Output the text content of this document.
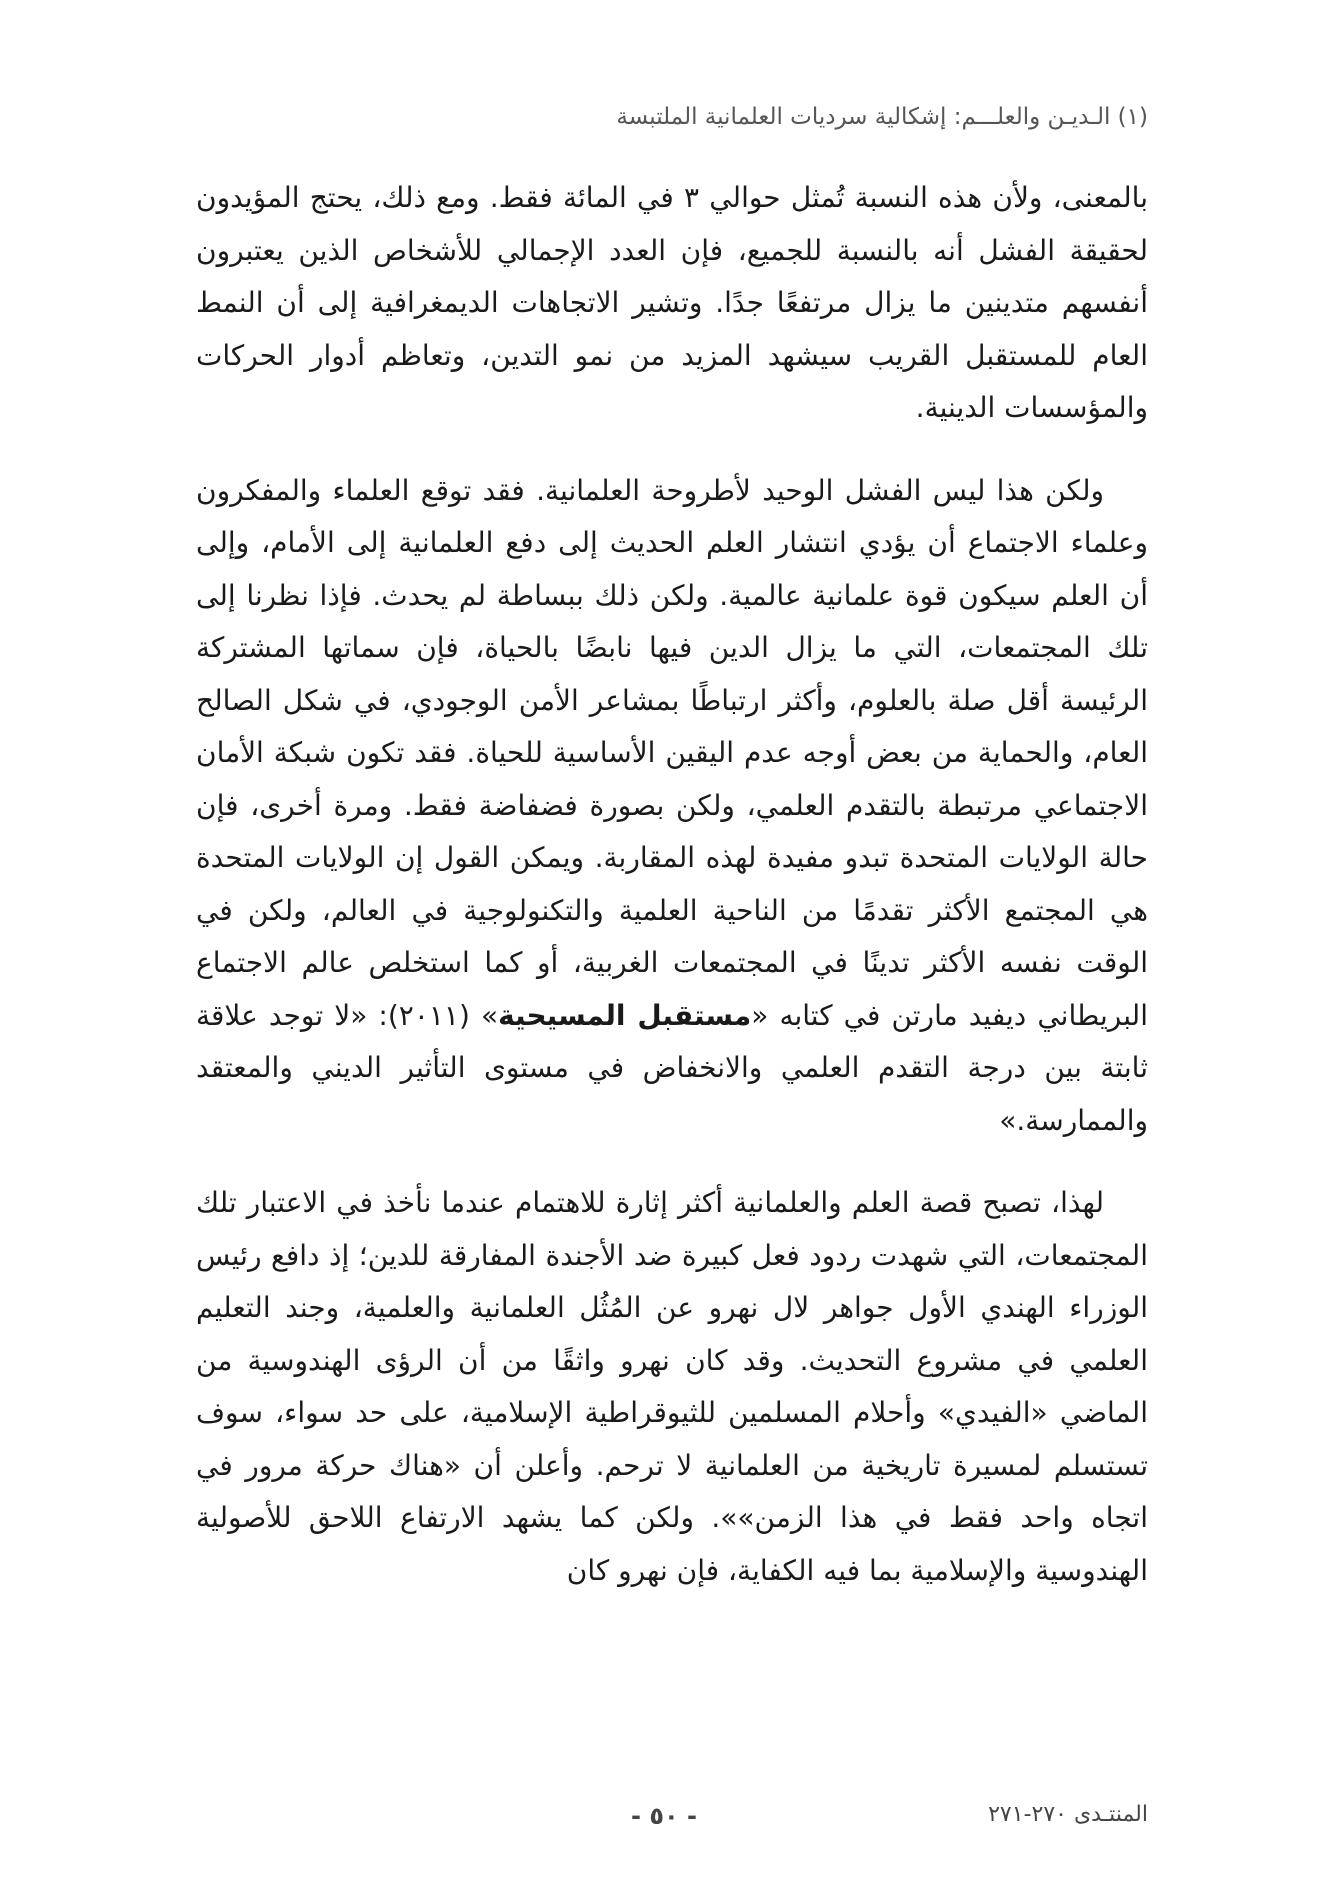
(١) الـديـن والعلـــم: إشكالية سرديات العلمانية الملتبسة

بالمعنى، ولأن هذه النسبة تُمثل حوالي ٣ في المائة فقط. ومع ذلك، يحتج المؤيدون لحقيقة الفشل أنه بالنسبة للجميع، فإن العدد الإجمالي للأشخاص الذين يعتبرون أنفسهم متدينين ما يزال مرتفعًا جدًا. وتشير الاتجاهات الديمغرافية إلى أن النمط العام للمستقبل القريب سيشهد المزيد من نمو التدين، وتعاظم أدوار الحركات والمؤسسات الدينية.

ولكن هذا ليس الفشل الوحيد لأطروحة العلمانية. فقد توقع العلماء والمفكرون وعلماء الاجتماع أن يؤدي انتشار العلم الحديث إلى دفع العلمانية إلى الأمام، وإلى أن العلم سيكون قوة علمانية عالمية. ولكن ذلك ببساطة لم يحدث. فإذا نظرنا إلى تلك المجتمعات، التي ما يزال الدين فيها نابضًا بالحياة، فإن سماتها المشتركة الرئيسة أقل صلة بالعلوم، وأكثر ارتباطًا بمشاعر الأمن الوجودي، في شكل الصالح العام، والحماية من بعض أوجه عدم اليقين الأساسية للحياة. فقد تكون شبكة الأمان الاجتماعي مرتبطة بالتقدم العلمي، ولكن بصورة فضفاضة فقط. ومرة أخرى، فإن حالة الولايات المتحدة تبدو مفيدة لهذه المقاربة. ويمكن القول إن الولايات المتحدة هي المجتمع الأكثر تقدمًا من الناحية العلمية والتكنولوجية في العالم، ولكن في الوقت نفسه الأكثر تدينًا في المجتمعات الغربية، أو كما استخلص عالم الاجتماع البريطاني ديفيد مارتن في كتابه «مستقبل المسيحية» (٢٠١١): «لا توجد علاقة ثابتة بين درجة التقدم العلمي والانخفاض في مستوى التأثير الديني والمعتقد والممارسة.»

لهذا، تصبح قصة العلم والعلمانية أكثر إثارة للاهتمام عندما نأخذ في الاعتبار تلك المجتمعات، التي شهدت ردود فعل كبيرة ضد الأجندة المفارقة للدين؛ إذ دافع رئيس الوزراء الهندي الأول جواهر لال نهرو عن المُثُل العلمانية والعلمية، وجند التعليم العلمي في مشروع التحديث. وقد كان نهرو واثقًا من أن الرؤى الهندوسية من الماضي «الفيدي» وأحلام المسلمين للثيوقراطية الإسلامية، على حد سواء، سوف تستسلم لمسيرة تاريخية من العلمانية لا ترحم. وأعلن أن «هناك حركة مرور في اتجاه واحد فقط في هذا الزمن»». ولكن كما يشهد الارتفاع اللاحق للأصولية الهندوسية والإسلامية بما فيه الكفاية، فإن نهرو كان

المنتـدى ٢٧٠-٢٧١
- ٥٠ -
